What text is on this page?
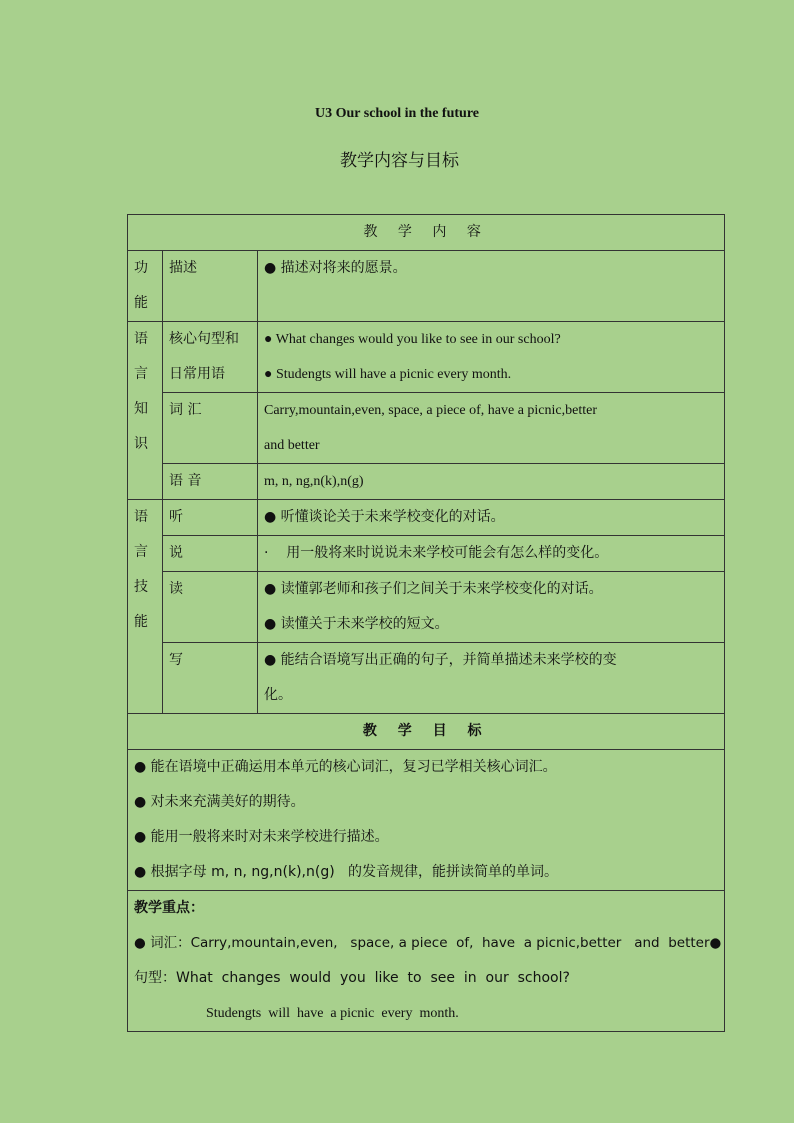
U3 Our school in the future
教学内容与目标
教 学 内 容		

功
能	描述	● 描述对将来的愿景。

语
言
知
识	核心句型和
日常用语	● What changes would you like to see in our school?
● Studengts will have a picnic every month.

	词 汇	Carry,mountain,even, space, a piece of, have a picnic,better
and better

	语 音	m, n, ng,n(k),n(g)

语
言
技
能	听	● 听懂谈论关于未来学校变化的对话。

	说	·    用一般将来时说说未来学校可能会有怎么样的变化。

	读	● 读懂郭老师和孩子们之间关于未来学校变化的对话。
● 读懂关于未来学校的短文。

	写	● 能结合语境写出正确的句子，并简单描述未来学校的变
化。

教 学 目 标		

● 能在语境中正确运用本单元的核心词汇，复习已学相关核心词汇。
● 对未来充满美好的期待。
● 能用一般将来时对未来学校进行描述。
● 根据字母 m, n, ng,n(k),n(g)   的发音规律，能拼读简单的单词。		

教学重点：
● 词汇：Carry,mountain,even,   space, a piece  of,  have  a picnic,better   and  better●
句型：What  changes  would  you  like  to  see  in  our  school?
Studengts  will  have  a picnic  every  month.		
